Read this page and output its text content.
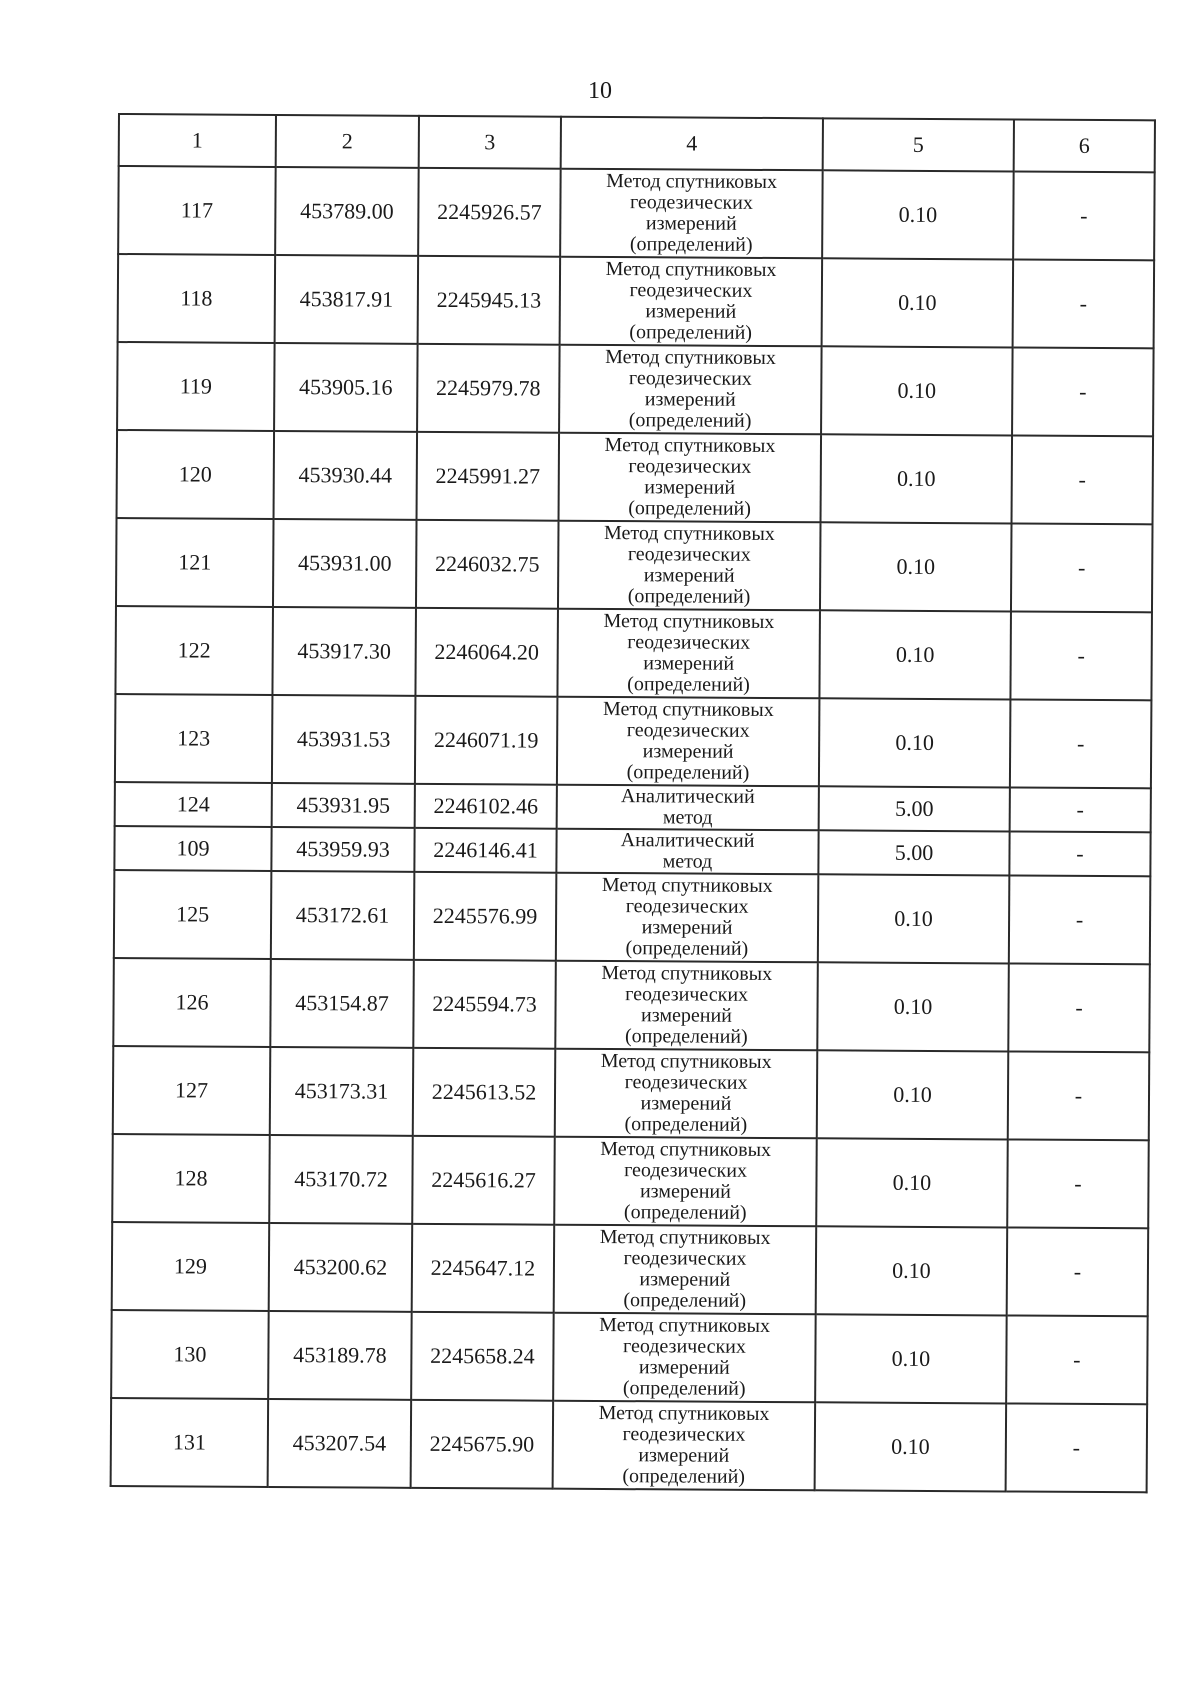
10
1	2	3	4	5	6
117	453789.00	2245926.57	Метод спутниковых
геодезических
измерений
(определений)	0.10	-
118	453817.91	2245945.13	Метод спутниковых
геодезических
измерений
(определений)	0.10	-
119	453905.16	2245979.78	Метод спутниковых
геодезических
измерений
(определений)	0.10	-
120	453930.44	2245991.27	Метод спутниковых
геодезических
измерений
(определений)	0.10	-
121	453931.00	2246032.75	Метод спутниковых
геодезических
измерений
(определений)	0.10	-
122	453917.30	2246064.20	Метод спутниковых
геодезических
измерений
(определений)	0.10	-
123	453931.53	2246071.19	Метод спутниковых
геодезических
измерений
(определений)	0.10	-
124	453931.95	2246102.46	Аналитический
метод	5.00	-
109	453959.93	2246146.41	Аналитический
метод	5.00	-
125	453172.61	2245576.99	Метод спутниковых
геодезических
измерений
(определений)	0.10	-
126	453154.87	2245594.73	Метод спутниковых
геодезических
измерений
(определений)	0.10	-
127	453173.31	2245613.52	Метод спутниковых
геодезических
измерений
(определений)	0.10	-
128	453170.72	2245616.27	Метод спутниковых
геодезических
измерений
(определений)	0.10	-
129	453200.62	2245647.12	Метод спутниковых
геодезических
измерений
(определений)	0.10	-
130	453189.78	2245658.24	Метод спутниковых
геодезических
измерений
(определений)	0.10	-
131	453207.54	2245675.90	Метод спутниковых
геодезических
измерений
(определений)	0.10	-
